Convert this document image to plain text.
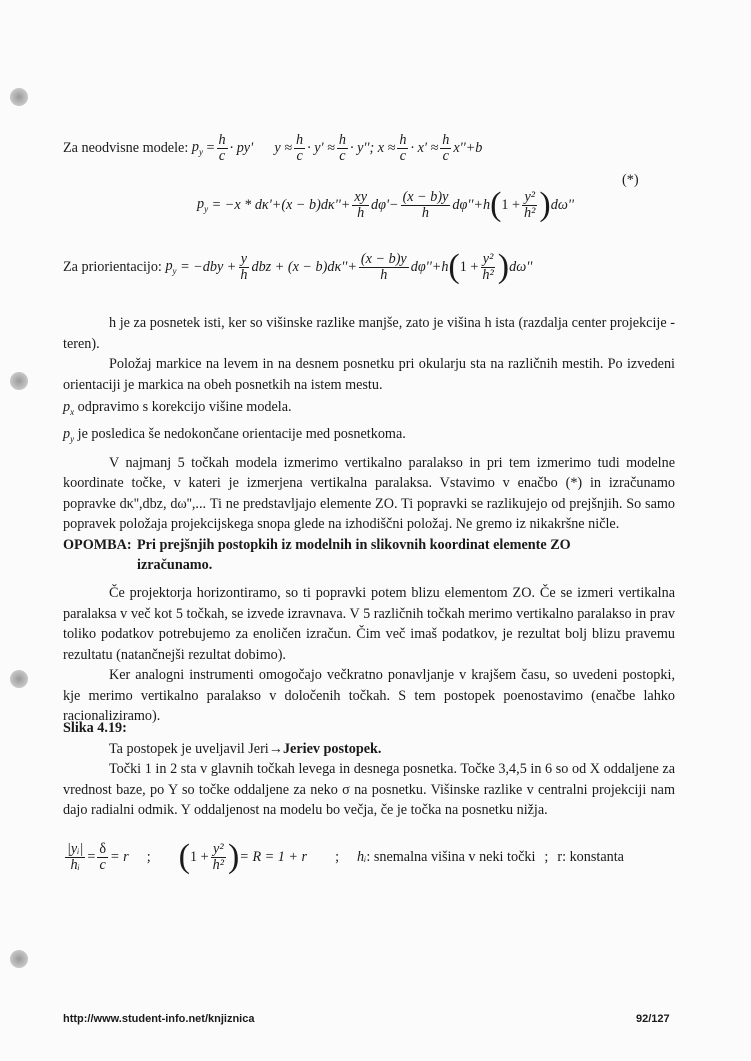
Za neodvisne modele:
$p_y$
= $\frac{h}{c} \cdot py'$
$y \approx \frac{h}{c} \cdot y' \approx \frac{h}{c} \cdot y''$; $x \approx \frac{h}{c} \cdot x' \approx \frac{h}{c} x''+b$
(*)
$p_y$
= $-x * d\kappa'+(x - b)d\kappa''+ \frac{xy}{h} d\varphi'- \frac{(x - b)y}{h} d\varphi''+h$ ( $1 + \frac{\text{y²}}{\text{h²}}$ ) dω''
Za priorientacijo:
$p_y$
= $-dby + \frac{y}{h}$ dbz + $(x - b)d\kappa''+ \frac{(x - b)y}{h} d\varphi''+h$ ( $1 + \frac{\text{y²}}{\text{h²}}$ ) dω''

h je za posnetek isti, ker so višinske razlike manjše, zato je višina h ista (razdalja center projekcije - teren).

Položaj markice na levem in na desnem posnetku pri okularju sta na različnih mestih. Po izvedeni orientaciji je markica na obeh posnetkih na istem mestu.

$p_x$ odpravimo s korekcijo višine modela.

$p_y$ je posledica še nedokončane orientacije med posnetkoma.

V najmanj 5 točkah modela izmerimo vertikalno paralakso in pri tem izmerimo tudi modelne koordinate točke, v kateri je izmerjena vertikalna paralaksa. Vstavimo v enačbo (*) in izračunamo popravke dκ'',dbz, dω'',... Ti ne predstavljajo elemente ZO. Ti popravki se razlikujejo od prejšnjih. So samo popravek položaja projekcijskega snopa glede na izhodiščni položaj. Ne gremo iz nikakršne ničle.

OPOMBA: Pri prejšnjih postopkih iz modelnih in slikovnih koordinat elemente ZO
izračunamo.

Če projektorja horizontiramo, so ti popravki potem blizu elementom ZO. Če se izmeri vertikalna paralaksa v več kot 5 točkah, se izvede izravnava. V 5 različnih točkah merimo vertikalno paralakso in prav toliko podatkov potrebujemo za enoličen izračun. Čim več imaš podatkov, je rezultat bolj blizu pravemu rezultatu (natančnejši rezultat dobimo).

Ker analogni instrumenti omogočajo večkratno ponavljanje v krajšem času, so uvedeni postopki, kje merimo vertikalno paralakso v določenih točkah. S tem postopek poenostavimo (enačbe lahko racionaliziramo).

Slika 4.19:

Ta postopek je uveljavil Jeri→Jeriev postopek.

Točki 1 in 2 sta v glavnih točkah levega in desnega posnetka. Točke 3,4,5 in 6 so od X oddaljene za vrednost baze, po Y so točke oddaljene za neko σ na posnetku. Višinske razlike v centralni projekciji nam dajo radialni odmik. Y oddaljenost na modelu bo večja, če je točka na posnetku nižja.

$\frac{\text{|yᵢ|}}{\text{hᵢ}} = \frac{\delta}{c} = r$ ; ( $1 + \frac{\text{y²}}{\text{h²}}$ ) = R = 1 + r ; hᵢ : snemalna višina v neki točki ; r: konstanta
http://www.student-info.net/knjiznica	92/127
